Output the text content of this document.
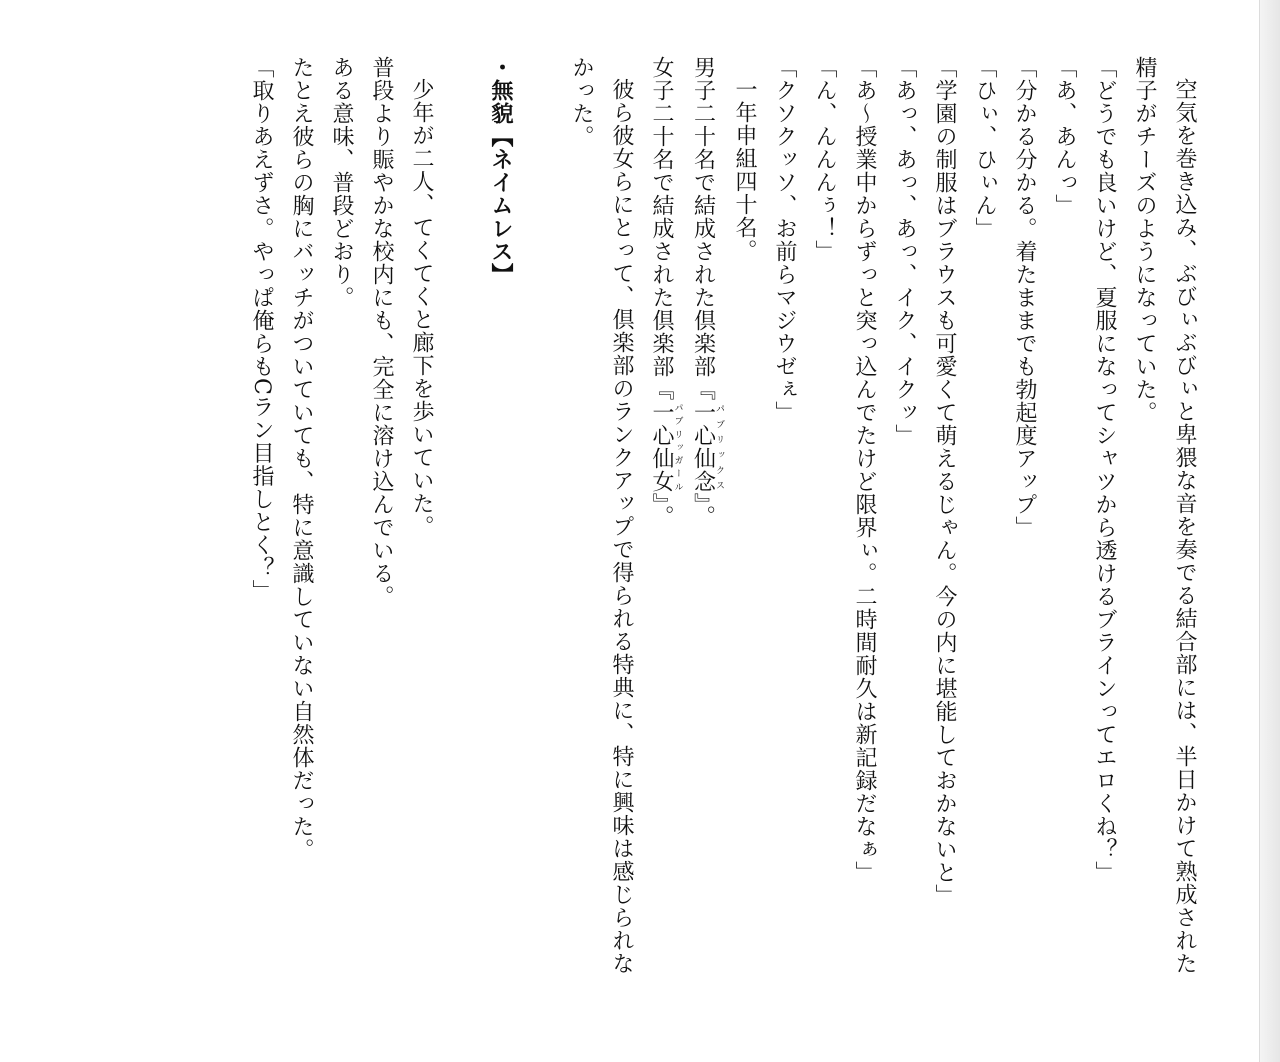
空気を巻き込み、ぶびぃぶびぃと卑猥な音を奏でる結合部には、半日かけて熟成された
精子がチーズのようになっていた。
「どうでも良いけど、夏服になってシャツから透けるブラインってエロくね？」
「あ、あんっ」
「分かる分かる。着たままでも勃起度アップ」
「ひぃ、ひぃん」
「学園の制服はブラウスも可愛くて萌えるじゃん。今の内に堪能しておかないと」
「あっ、あっ、あっ、イク、イクッ」
「あ～授業中からずっと突っ込んでたけど限界ぃ。二時間耐久は新記録だなぁ」
「ん、んんんぅ！」
「クソクッソ、お前らマジウゼぇ」
一年申組四十名。
男子二十名で結成された倶楽部『一心仙念パブリックス』。
女子二十名で結成された倶楽部『一心仙女パブリッガール』。
彼ら彼女らにとって、倶楽部のランクアップで得られる特典に、特に興味は感じられな
かった。
・無貌【ネイムレス】
少年が二人、てくてくと廊下を歩いていた。
普段より賑やかな校内にも、完全に溶け込んでいる。
ある意味、普段どおり。
たとえ彼らの胸にバッチがついていても、特に意識していない自然体だった。
「取りあえずさ。やっぱ俺らもCラン目指しとく？」
